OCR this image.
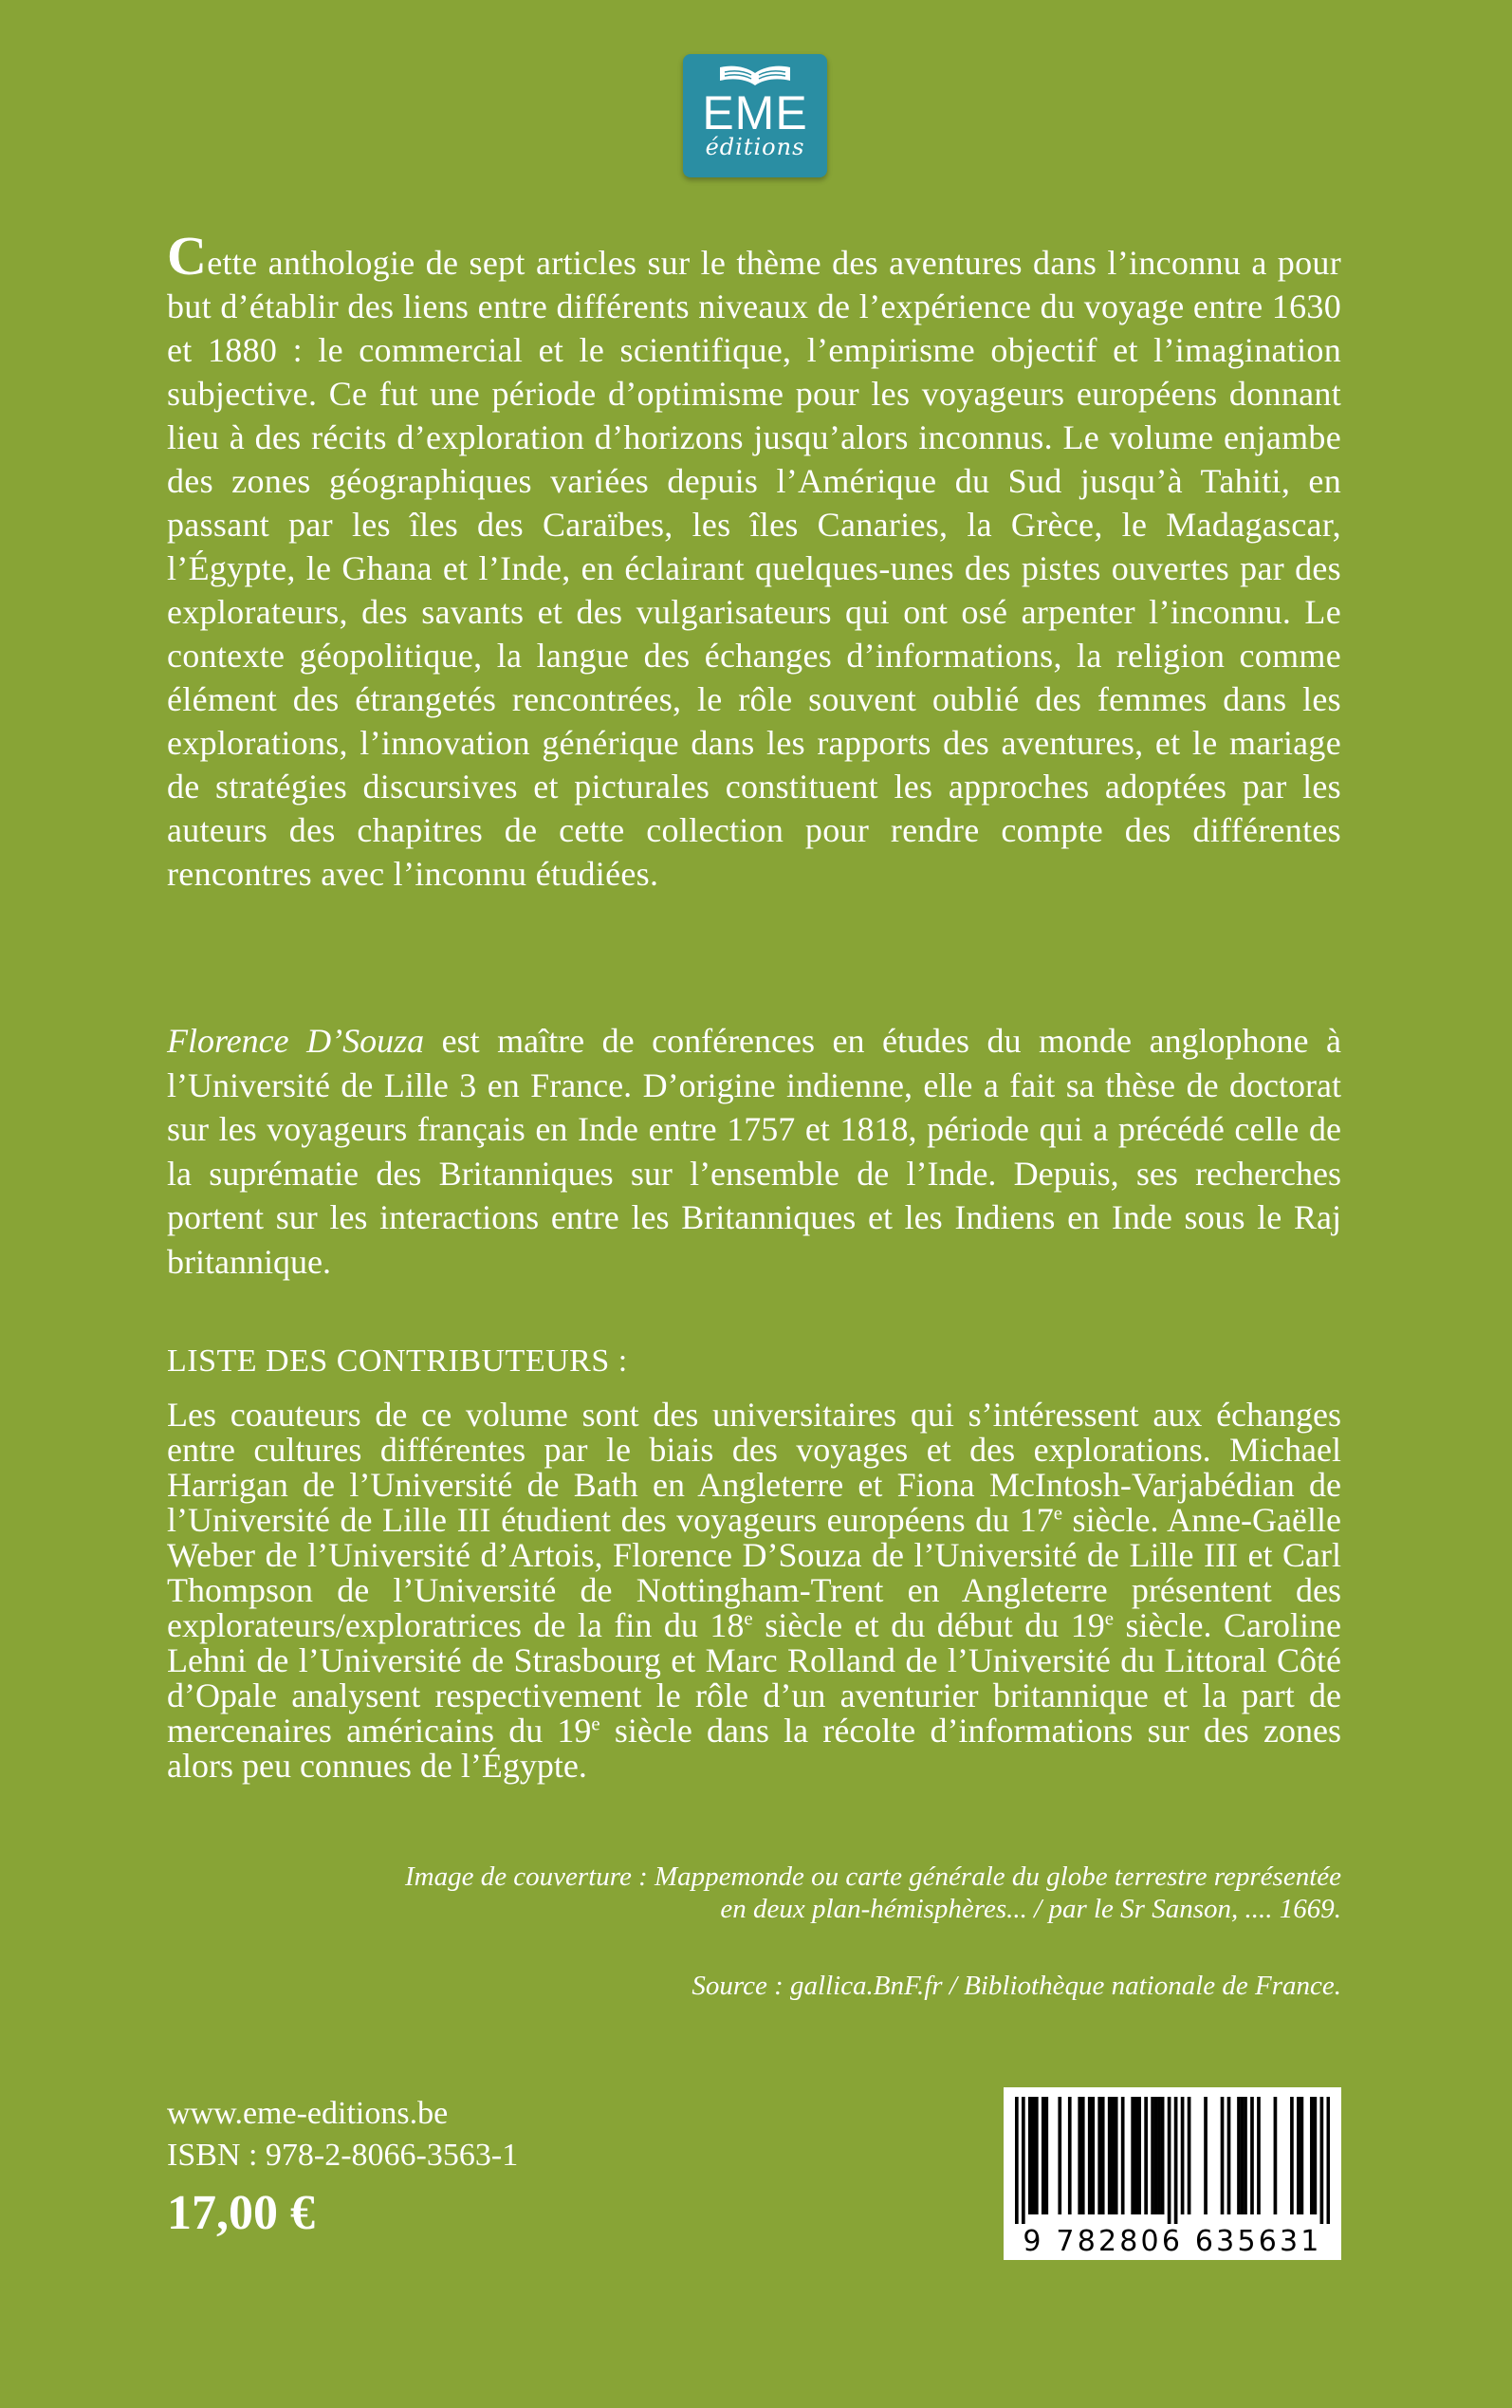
EME
éditions

Cette anthologie de sept articles sur le thème des aventures dans l’inconnu a pour but d’établir des liens entre différents niveaux de l’expérience du voyage entre 1630 et 1880 : le commercial et le scientifique, l’empirisme objectif et l’imagination subjective. Ce fut une période d’optimisme pour les voyageurs européens donnant lieu à des récits d’exploration d’horizons jusqu’alors inconnus. Le volume enjambe des zones géographiques variées depuis l’Amérique du Sud jusqu’à Tahiti, en passant par les îles des Caraïbes, les îles Canaries, la Grèce, le Madagascar, l’Égypte, le Ghana et l’Inde, en éclairant quelques-unes des pistes ouvertes par des explorateurs, des savants et des vulgarisateurs qui ont osé arpenter l’inconnu. Le contexte géopolitique, la langue des échanges d’informations, la religion comme élément des étrangetés rencontrées, le rôle souvent oublié des femmes dans les explorations, l’innovation générique dans les rapports des aventures, et le mariage de stratégies discursives et picturales constituent les approches adoptées par les auteurs des chapitres de cette collection pour rendre compte des différentes rencontres avec l’inconnu étudiées.

Florence D’Souza est maître de conférences en études du monde anglophone à l’Université de Lille 3 en France. D’origine indienne, elle a fait sa thèse de doctorat sur les voyageurs français en Inde entre 1757 et 1818, période qui a précédé celle de la suprématie des Britanniques sur l’ensemble de l’Inde. Depuis, ses recherches portent sur les interactions entre les Britanniques et les Indiens en Inde sous le Raj britannique.

LISTE DES CONTRIBUTEURS :

Les coauteurs de ce volume sont des universitaires qui s’intéressent aux échanges entre cultures différentes par le biais des voyages et des explorations. Michael Harrigan de l’Université de Bath en Angleterre et Fiona McIntosh-Varjabédian de l’Université de Lille III étudient des voyageurs européens du 17e siècle. Anne-Gaëlle Weber de l’Université d’Artois, Florence D’Souza de l’Université de Lille III et Carl Thompson de l’Université de Nottingham-Trent en Angleterre présentent des explorateurs/exploratrices de la fin du 18e siècle et du début du 19e siècle. Caroline Lehni de l’Université de Strasbourg et Marc Rolland de l’Université du Littoral Côté d’Opale analysent respectivement le rôle d’un aventurier britannique et la part de mercenaires américains du 19e siècle dans la récolte d’informations sur des zones alors peu connues de l’Égypte.

Image de couverture : Mappemonde ou carte générale du globe terrestre représentée
en deux plan-hémisphères... / par le Sr Sanson, .... 1669.
Source : gallica.BnF.fr / Bibliothèque nationale de France.
www.eme-editions.be
ISBN : 978-2-8066-3563-1
17,00 €
9 782806 635631
